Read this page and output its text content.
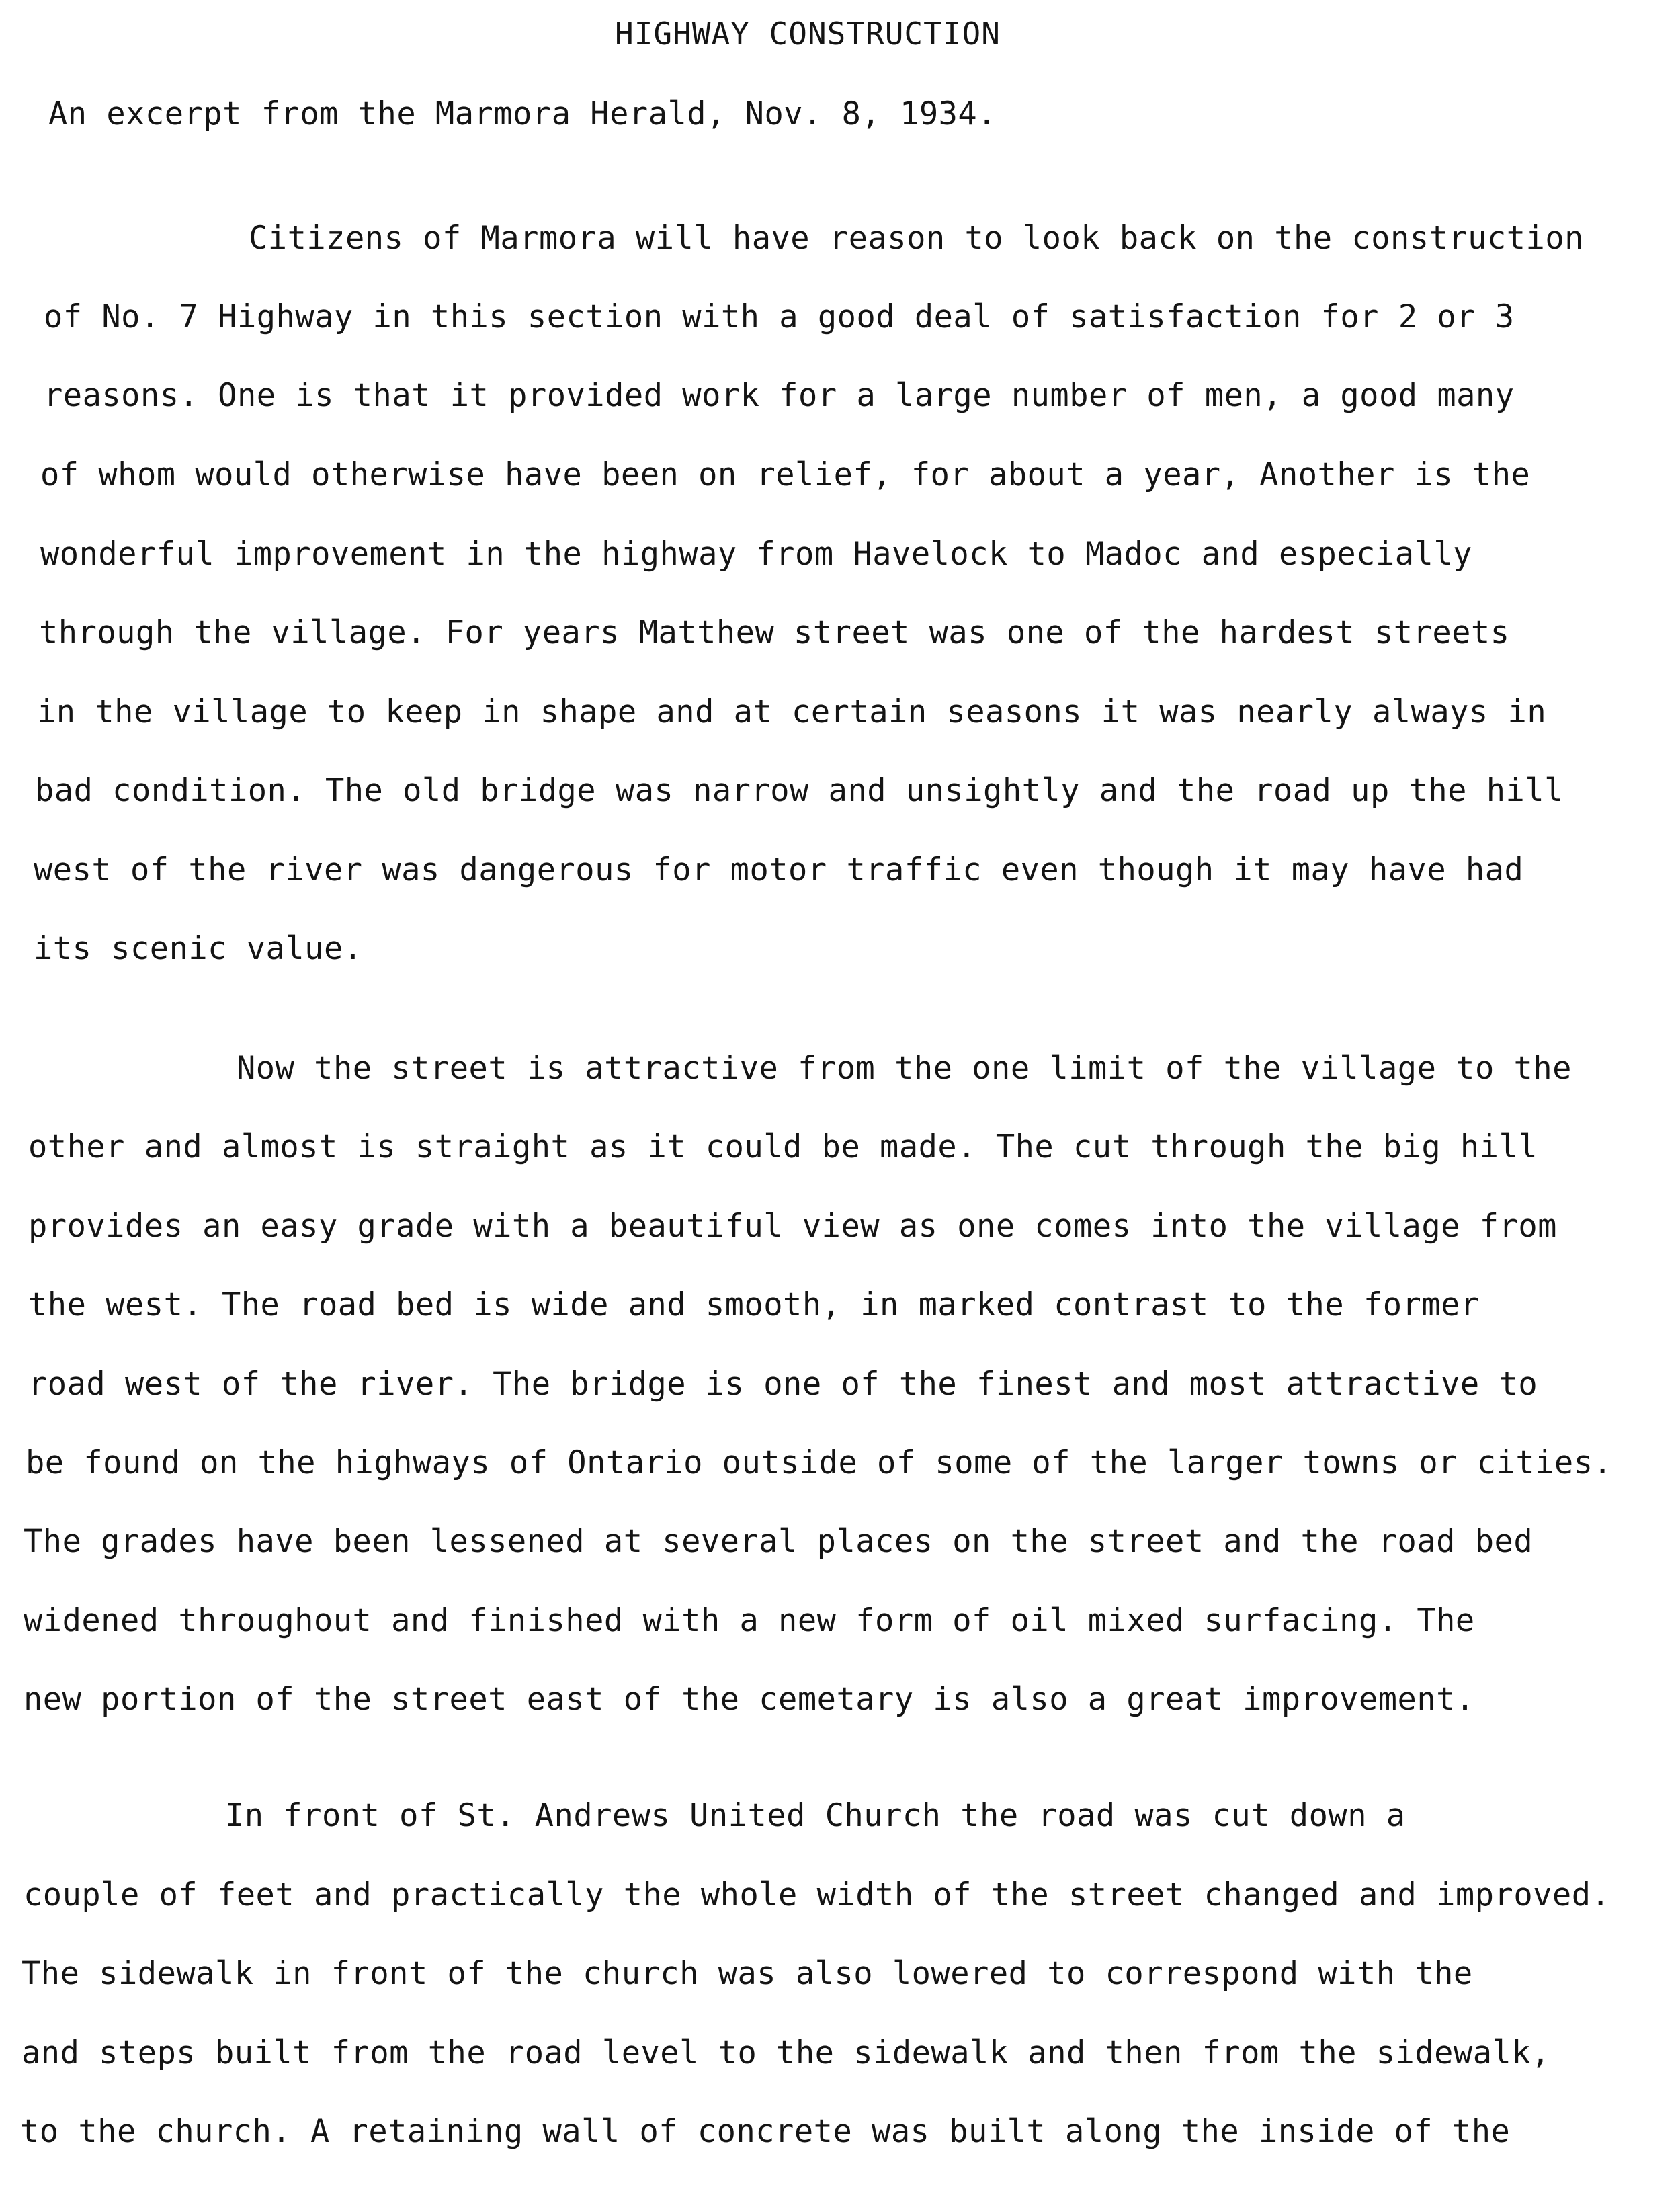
HIGHWAY CONSTRUCTION
An excerpt from the Marmora Herald, Nov. 8, 1934.
Citizens of Marmora will have reason to look back on the construction
of No. 7 Highway in this section with a good deal of satisfaction for 2 or 3
reasons. One is that it provided work for a large number of men, a good many
of whom would otherwise have been on relief, for about a year, Another is the
wonderful improvement in the highway from Havelock to Madoc and especially
through the village. For years Matthew street was one of the hardest streets
in the village to keep in shape and at certain seasons it was nearly always in
bad condition. The old bridge was narrow and unsightly and the road up the hill
west of the river was dangerous for motor traffic even though it may have had
its scenic value.
Now the street is attractive from the one limit of the village to the
other and almost is straight as it could be made. The cut through the big hill
provides an easy grade with a beautiful view as one comes into the village from
the west. The road bed is wide and smooth, in marked contrast to the former
road west of the river. The bridge is one of the finest and most attractive to
be found on the highways of Ontario outside of some of the larger towns or cities.
The grades have been lessened at several places on the street and the road bed
widened throughout and finished with a new form of oil mixed surfacing. The
new portion of the street east of the cemetary is also a great improvement.
In front of St. Andrews United Church the road was cut down a
couple of feet and practically the whole width of the street changed and improved.
The sidewalk in front of the church was also lowered to correspond with the
and steps built from the road level to the sidewalk and then from the sidewalk,
to the church. A retaining wall of concrete was built along the inside of the
